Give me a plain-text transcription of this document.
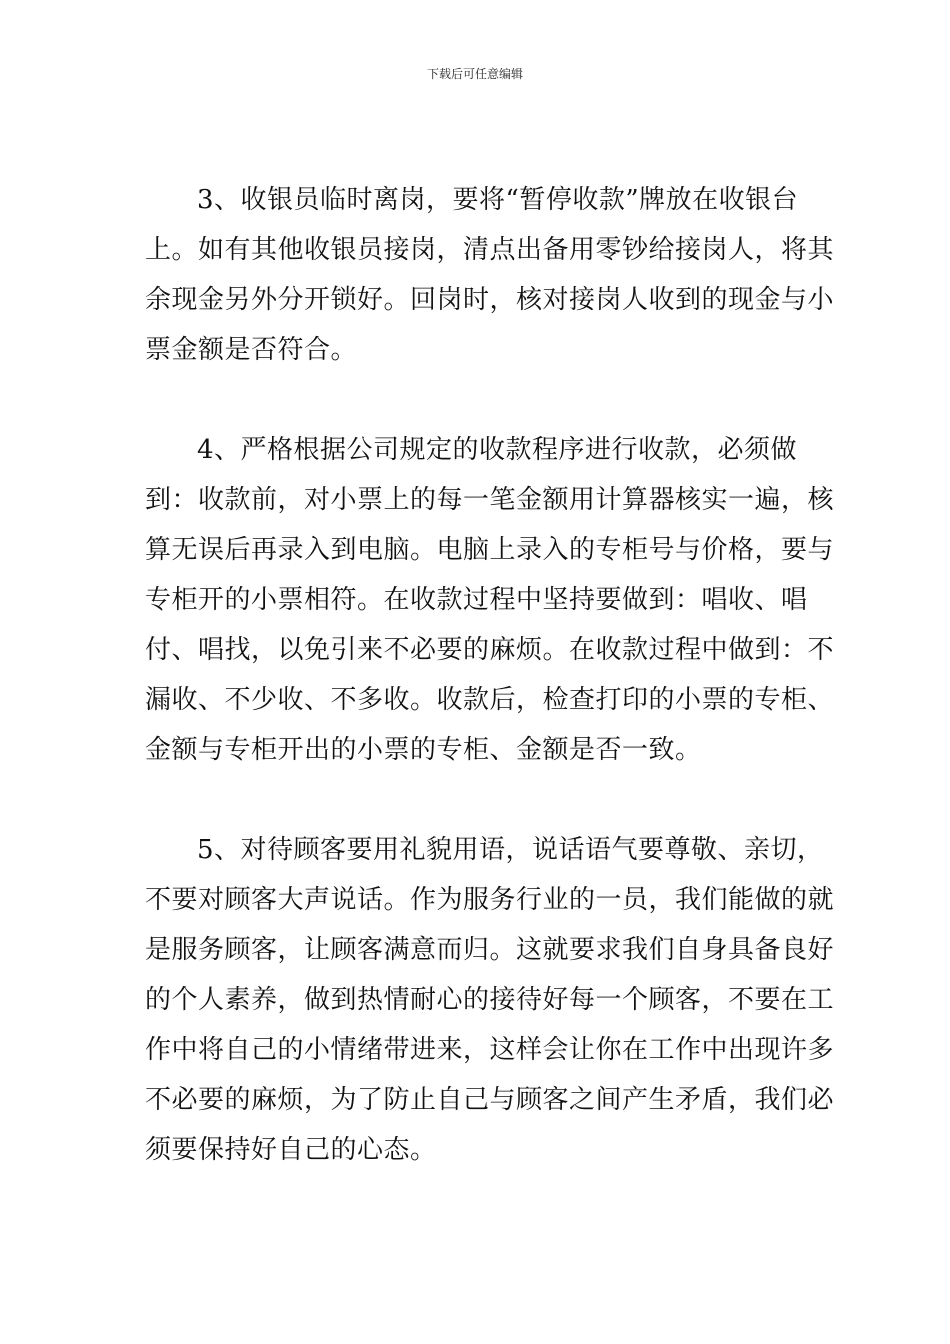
下载后可任意编辑

3、收银员临时离岗，要将“暂停收款”牌放在收银台上。如有其他收银员接岗，清点出备用零钞给接岗人，将其余现金另外分开锁好。回岗时，核对接岗人收到的现金与小票金额是否符合。

4、严格根据公司规定的收款程序进行收款，必须做到：收款前，对小票上的每一笔金额用计算器核实一遍，核算无误后再录入到电脑。电脑上录入的专柜号与价格，要与专柜开的小票相符。在收款过程中坚持要做到：唱收、唱付、唱找，以免引来不必要的麻烦。在收款过程中做到：不漏收、不少收、不多收。收款后，检查打印的小票的专柜、金额与专柜开出的小票的专柜、金额是否一致。

5、对待顾客要用礼貌用语，说话语气要尊敬、亲切，不要对顾客大声说话。作为服务行业的一员，我们能做的就是服务顾客，让顾客满意而归。这就要求我们自身具备良好的个人素养，做到热情耐心的接待好每一个顾客，不要在工作中将自己的小情绪带进来，这样会让你在工作中出现许多不必要的麻烦，为了防止自己与顾客之间产生矛盾，我们必须要保持好自己的心态。
